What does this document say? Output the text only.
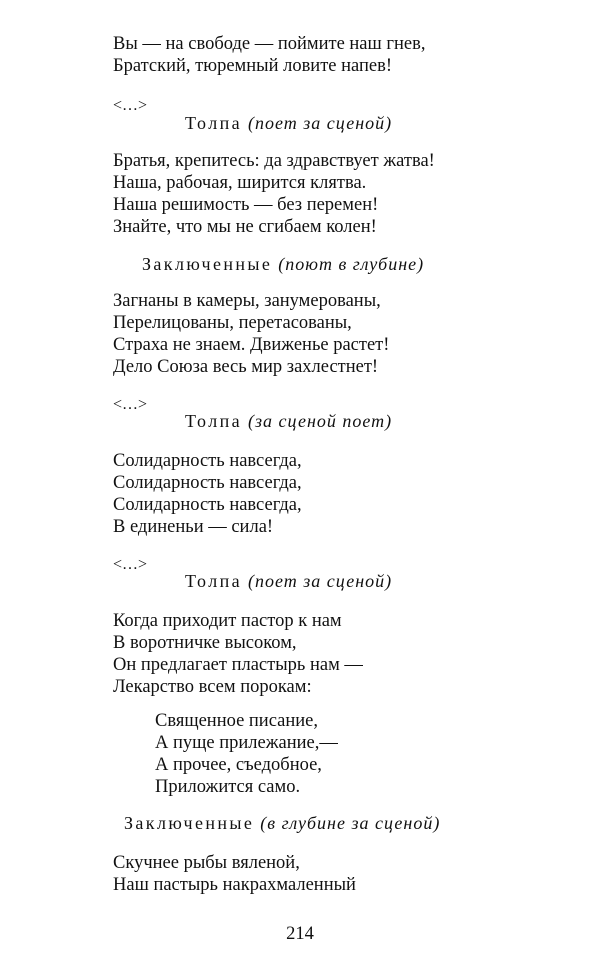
Вы — на свободе — поймите наш гнев,

Братский, тюремный ловите напев!

<…>
Толпа (поет за сценой)

Братья, крепитесь: да здравствует жатва!

Наша, рабочая, ширится клятва.

Наша решимость — без перемен!

Знайте, что мы не сгибаем колен!

Заключенные (поют в глубине)

Загнаны в камеры, занумерованы,

Перелицованы, перетасованы,

Страха не знаем. Движенье растет!

Дело Союза весь мир захлестнет!

<…>
Толпа (за сценой поет)

Солидарность навсегда,

Солидарность навсегда,

Солидарность навсегда,

В единеньи — сила!

<…>
Толпа (поет за сценой)

Когда приходит пастор к нам

В воротничке высоком,

Он предлагает пластырь нам —

Лекарство всем порокам:

Священное писание,

А пуще прилежание,—

А прочее, съедобное,

Приложится само.

Заключенные (в глубине за сценой)

Скучнее рыбы вяленой,

Наш пастырь накрахмаленный

214
